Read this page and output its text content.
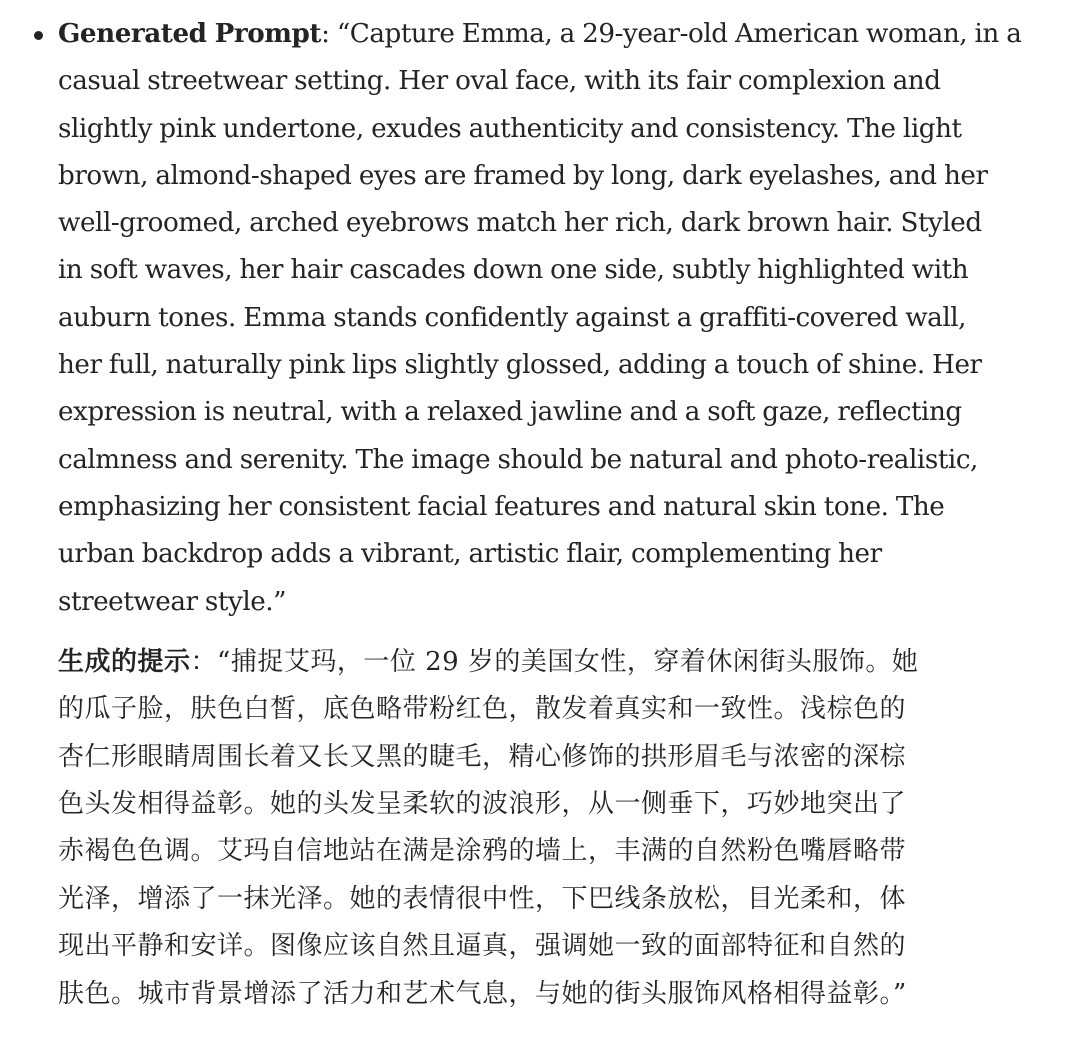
Generated Prompt: “Capture Emma, a 29-year-old American woman, in a
casual streetwear setting. Her oval face, with its fair complexion and
slightly pink undertone, exudes authenticity and consistency. The light
brown, almond-shaped eyes are framed by long, dark eyelashes, and her
well-groomed, arched eyebrows match her rich, dark brown hair. Styled
in soft waves, her hair cascades down one side, subtly highlighted with
auburn tones. Emma stands confidently against a graffiti-covered wall,
her full, naturally pink lips slightly glossed, adding a touch of shine. Her
expression is neutral, with a relaxed jawline and a soft gaze, reflecting
calmness and serenity. The image should be natural and photo-realistic,
emphasizing her consistent facial features and natural skin tone. The
urban backdrop adds a vibrant, artistic flair, complementing her
streetwear style.”

生成的提示：“捕捉艾玛，一位 29 岁的美国女性，穿着休闲街头服饰。她
的瓜子脸，肤色白皙，底色略带粉红色，散发着真实和一致性。浅棕色的
杏仁形眼睛周围长着又长又黑的睫毛，精心修饰的拱形眉毛与浓密的深棕
色头发相得益彰。她的头发呈柔软的波浪形，从一侧垂下，巧妙地突出了
赤褐色色调。艾玛自信地站在满是涂鸦的墙上，丰满的自然粉色嘴唇略带
光泽，增添了一抹光泽。她的表情很中性，下巴线条放松，目光柔和，体
现出平静和安详。图像应该自然且逼真，强调她一致的面部特征和自然的
肤色。城市背景增添了活力和艺术气息，与她的街头服饰风格相得益彰。”
